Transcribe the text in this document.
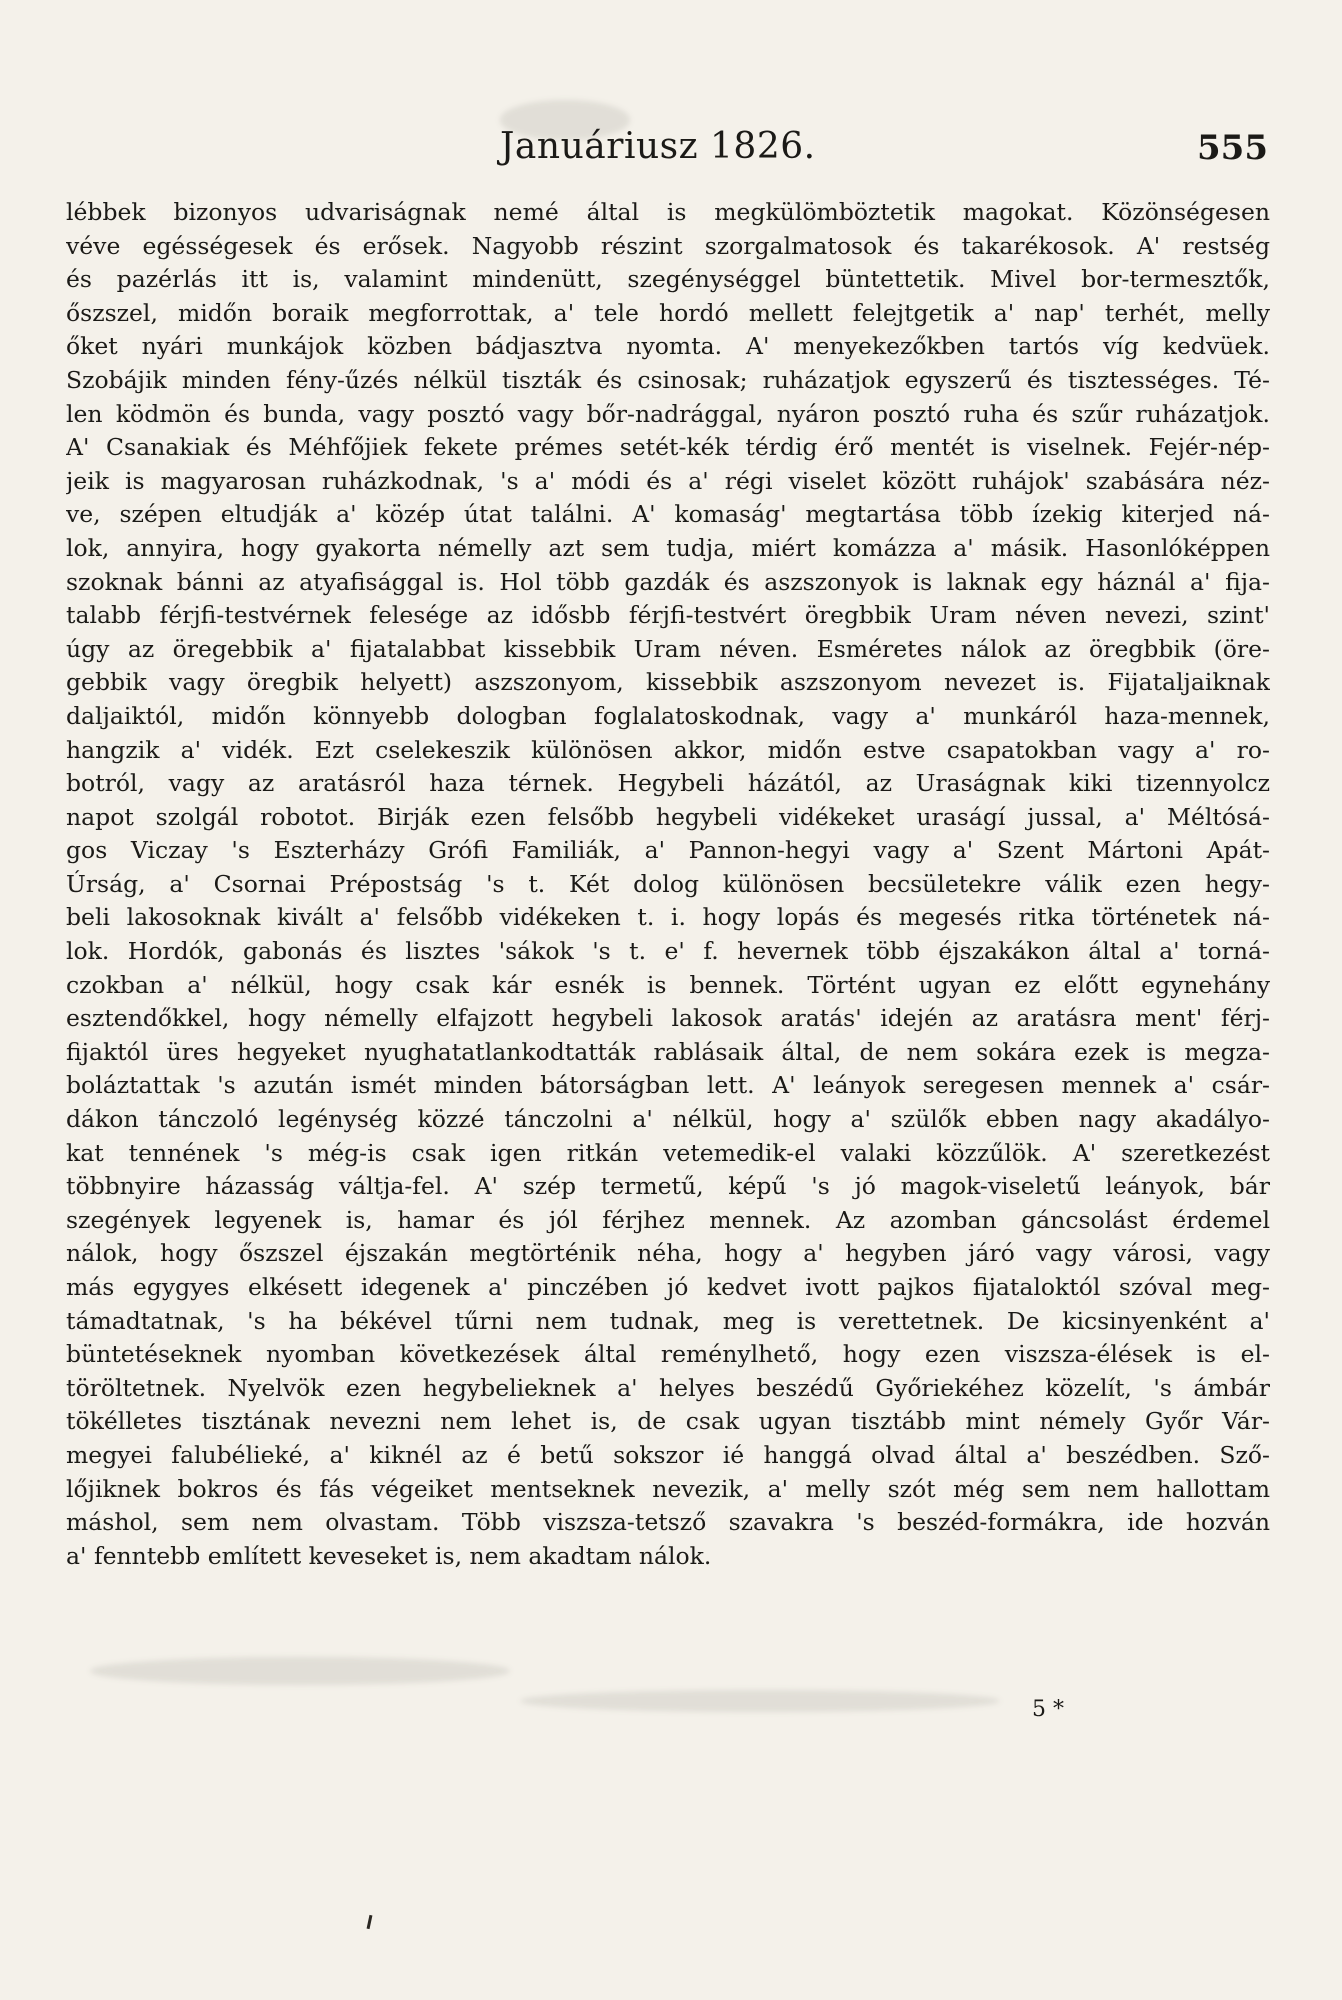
Januáriusz 1826.	555
lébbek bizonyos udvariságnak nemé által is megkülömböztetik magokat. Közönségesen
véve egésségesek és erősek. Nagyobb részint szorgalmatosok és takarékosok. A' restség
és pazérlás itt is, valamint mindenütt, szegénységgel büntettetik. Mivel bor-termesztők,
őszszel, midőn boraik megforrottak, a' tele hordó mellett felejtgetik a' nap' terhét, melly
őket nyári munkájok közben bádjasztva nyomta. A' menyekezőkben tartós víg kedvüek.
Szobájik minden fény-űzés nélkül tiszták és csinosak; ruházatjok egyszerű és tisztességes. Té-
len ködmön és bunda, vagy posztó vagy bőr-nadrággal, nyáron posztó ruha és szűr ruházatjok.
A' Csanakiak és Méhfőjiek fekete prémes setét-kék térdig érő mentét is viselnek. Fejér-nép-
jeik is magyarosan ruházkodnak, 's a' módi és a' régi viselet között ruhájok' szabására néz-
ve, szépen eltudják a' közép útat találni. A' komaság' megtartása több ízekig kiterjed ná-
lok, annyira, hogy gyakorta némelly azt sem tudja, miért komázza a' másik. Hasonlóképpen
szoknak bánni az atyafisággal is. Hol több gazdák és aszszonyok is laknak egy háznál a' fija-
talabb férjfi-testvérnek felesége az idősbb férjfi-testvért öregbbik Uram néven nevezi, szint'
úgy az öregebbik a' fijatalabbat kissebbik Uram néven. Esméretes nálok az öregbbik (öre-
gebbik vagy öregbik helyett) aszszonyom, kissebbik aszszonyom nevezet is. Fijataljaiknak
daljaiktól, midőn könnyebb dologban foglalatoskodnak, vagy a' munkáról haza-mennek,
hangzik a' vidék. Ezt cselekeszik különösen akkor, midőn estve csapatokban vagy a' ro-
botról, vagy az aratásról haza térnek. Hegybeli házától, az Uraságnak kiki tizennyolcz
napot szolgál robotot. Birják ezen felsőbb hegybeli vidékeket uraságí jussal, a' Méltósá-
gos Viczay 's Eszterházy Grófi Familiák, a' Pannon-hegyi vagy a' Szent Mártoni Apát-
Úrság, a' Csornai Prépostság 's t. Két dolog különösen becsületekre válik ezen hegy-
beli lakosoknak kivált a' felsőbb vidékeken t. i. hogy lopás és megesés ritka történetek ná-
lok. Hordók, gabonás és lisztes 'sákok 's t. e' f. hevernek több éjszakákon által a' torná-
czokban a' nélkül, hogy csak kár esnék is bennek. Történt ugyan ez előtt egynehány
esztendőkkel, hogy némelly elfajzott hegybeli lakosok aratás' idején az aratásra ment' férj-
fijaktól üres hegyeket nyughatatlankodtatták rablásaik által, de nem sokára ezek is megza-
boláztattak 's azután ismét minden bátorságban lett. A' leányok seregesen mennek a' csár-
dákon tánczoló legénység közzé tánczolni a' nélkül, hogy a' szülők ebben nagy akadályo-
kat tennének 's még-is csak igen ritkán vetemedik-el valaki közzűlök. A' szeretkezést
többnyire házasság váltja-fel. A' szép termetű, képű 's jó magok-viseletű leányok, bár
szegények legyenek is, hamar és jól férjhez mennek. Az azomban gáncsolást érdemel
nálok, hogy őszszel éjszakán megtörténik néha, hogy a' hegyben járó vagy városi, vagy
más egygyes elkésett idegenek a' pinczében jó kedvet ivott pajkos fijataloktól szóval meg-
támadtatnak, 's ha békével tűrni nem tudnak, meg is verettetnek. De kicsinyenként a'
büntetéseknek nyomban következések által reménylhető, hogy ezen viszsza-élések is el-
töröltetnek. Nyelvök ezen hegybelieknek a' helyes beszédű Győriekéhez közelít, 's ámbár
tökélletes tisztának nevezni nem lehet is, de csak ugyan tisztább mint némely Győr Vár-
megyei falubélieké, a' kiknél az é betű sokszor ié hanggá olvad által a' beszédben. Sző-
lőjiknek bokros és fás végeiket mentseknek nevezik, a' melly szót még sem nem hallottam
máshol, sem nem olvastam. Több viszsza-tetsző szavakra 's beszéd-formákra, ide hozván
a' fenntebb említett keveseket is, nem akadtam nálok.
5 *
